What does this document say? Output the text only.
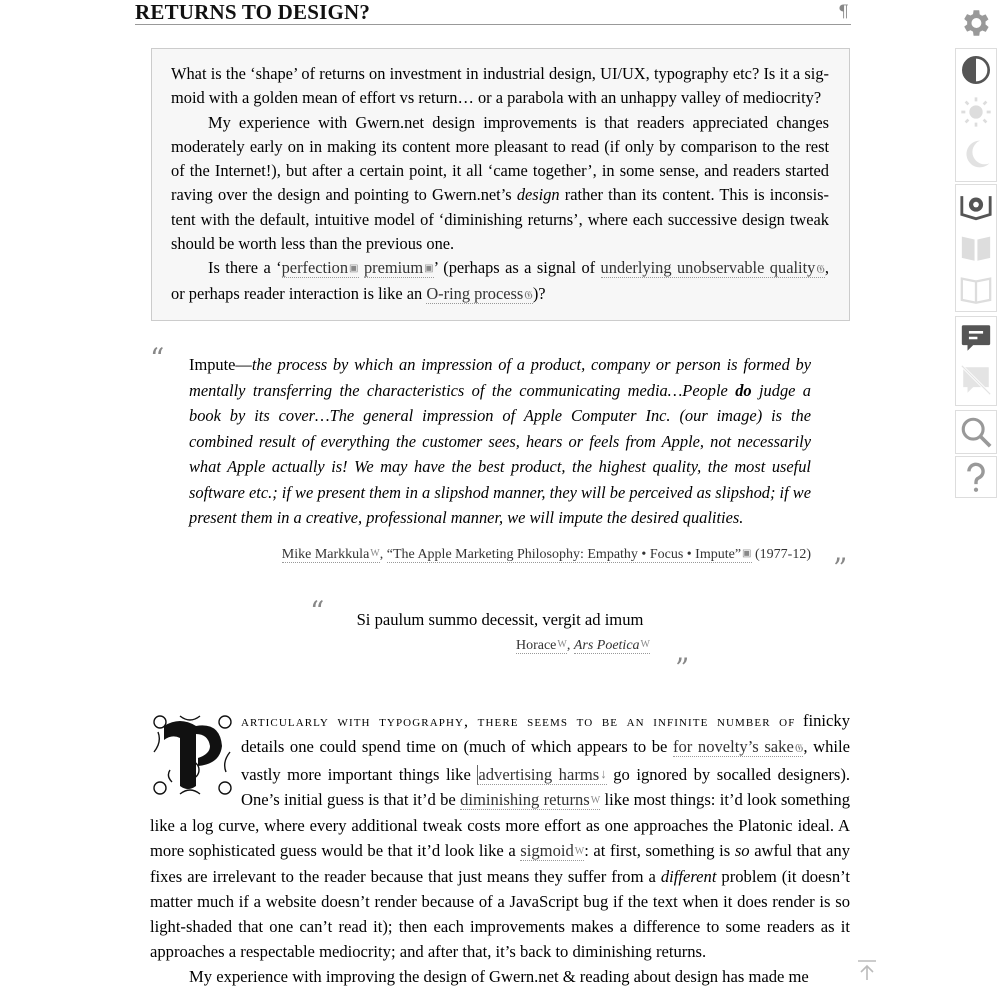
RETURNS TO DESIGN?	¶

What is the ‘shape’ of returns on investment in industrial design, UI/UX, typography etc? Is it a sigmoid with a golden mean of effort vs return… or a parabola with an unhappy valley of mediocrity?

My experience with Gwern.net design improvements is that readers appreciated changes moderately early on in making its content more pleasant to read (if only by comparison to the rest of the Internet!), but after a certain point, it all ‘came together’, in some sense, and readers started raving over the design and pointing to Gwern.net’s design rather than its content. This is inconsistent with the default, intuitive model of ‘diminishing returns’, where each successive design tweak should be worth less than the previous one.

Is there a ‘perfection▣ premium▣’ (perhaps as a signal of underlying unobservable quality𝔊, or perhaps reader interaction is like an O-ring process𝔊)?

“
”

Impute—the process by which an impression of a product, company or person is formed by mentally transferring the characteristics of the communicating media…People do judge a book by its cover…The general impression of Apple Computer Inc. (our image) is the combined result of everything the customer sees, hears or feels from Apple, not necessarily what Apple actually is! We may have the best product, the highest quality, the most useful software etc.; if we present them in a slipshod manner, they will be perceived as slipshod; if we present them in a creative, professional manner, we will impute the desired qualities.

Mike MarkkulaW, “The Apple Marketing Philosophy: Empathy • Focus • Impute”▣ (1977-12)
“
”
Si paulum summo decessit, vergit ad imum
HoraceW, Ars PoeticaW

P	articularly with typography, there seems to be an infinite number of finicky details one could spend time on (much of which appears to be for novelty’s sake𝔊, while vastly more important things like advertising harms↓ go ignored by socalled designers). One’s initial guess is that it’d be diminishing returnsW like most things: it’d look something like a log curve, where every additional tweak costs more effort as one approaches the Platonic ideal. A more sophisticated guess would be that it’d look like a sigmoidW: at first, something is so awful that any fixes are irrelevant to the reader because that just means they suffer from a different problem (it doesn’t matter much if a website doesn’t render because of a JavaScript bug if the text when it does render is so light-shaded that one can’t read it); then each improvements makes a difference to some readers as it approaches a respectable mediocrity; and after that, it’s back to diminishing returns.

My experience with improving the design of Gwern.net & reading about design has made me
